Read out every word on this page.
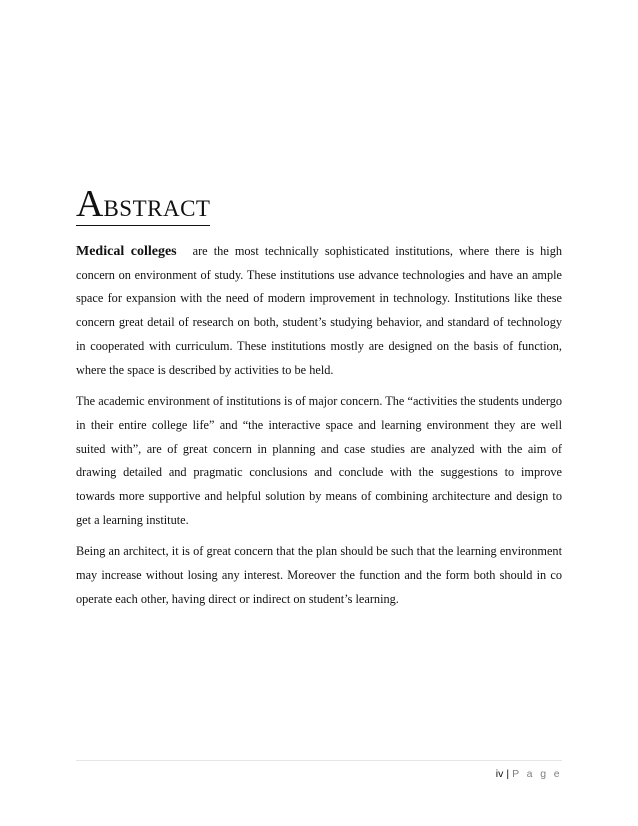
ABSTRACT

Medical colleges are the most technically sophisticated institutions, where there is high concern on environment of study. These institutions use advance technologies and have an ample space for expansion with the need of modern improvement in technology. Institutions like these concern great detail of research on both, student’s studying behavior, and standard of technology in cooperated with curriculum. These institutions mostly are designed on the basis of function, where the space is described by activities to be held.

The academic environment of institutions is of major concern. The “activities the students undergo in their entire college life” and “the interactive space and learning environment they are well suited with”, are of great concern in planning and case studies are analyzed with the aim of drawing detailed and pragmatic conclusions and conclude with the suggestions to improve towards more supportive and helpful solution by means of combining architecture and design to get a learning institute.

Being an architect, it is of great concern that the plan should be such that the learning environment may increase without losing any interest. Moreover the function and the form both should in co operate each other, having direct or indirect on student’s learning.

iv | P a g e
